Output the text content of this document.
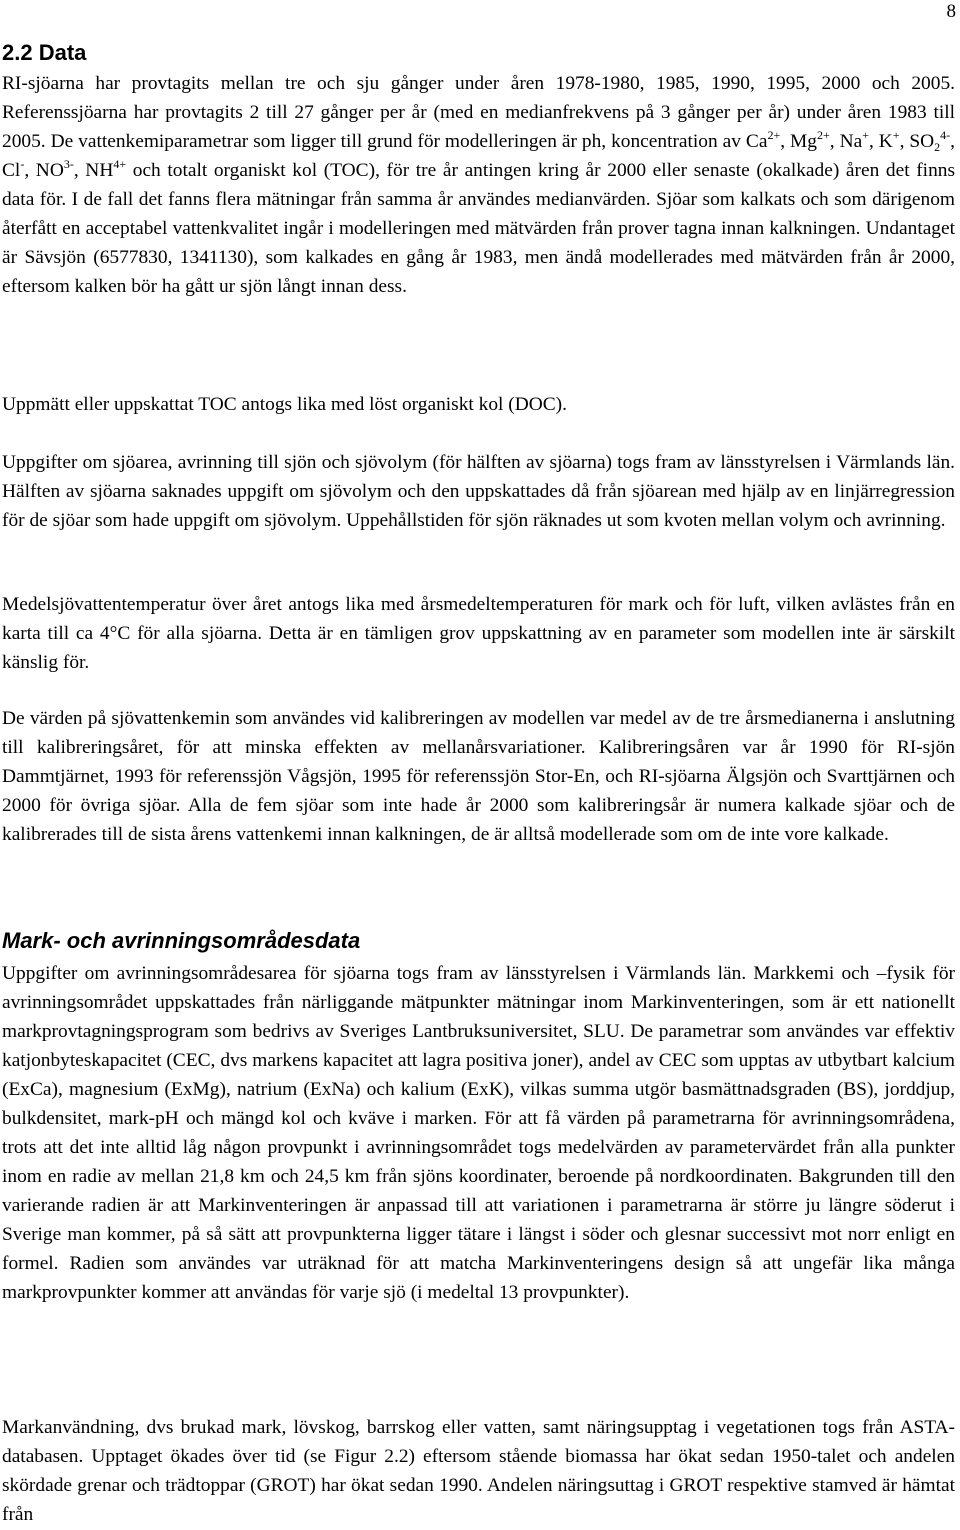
8
2.2 Data

RI-sjöarna har provtagits mellan tre och sju gånger under åren 1978-1980, 1985, 1990, 1995, 2000 och 2005. Referenssjöarna har provtagits 2 till 27 gånger per år (med en medianfrekvens på 3 gånger per år) under åren 1983 till 2005. De vattenkemiparametrar som ligger till grund för modelleringen är ph, koncentration av $Ca^{2+}$, $Mg^{2+}$, Na+, K+, $SO_2^{4-}$, Cl-, $NO^{3-}$, $NH^{4+}$ och totalt organiskt kol (TOC), för tre år antingen kring år 2000 eller senaste (okalkade) åren det finns data för. I de fall det fanns flera mätningar från samma år användes medianvärden. Sjöar som kalkats och som därigenom återfått en acceptabel vattenkvalitet ingår i modelleringen med mätvärden från prover tagna innan kalkningen. Undantaget är Sävsjön (6577830, 1341130), som kalkades en gång år 1983, men ändå modellerades med mätvärden från år 2000, eftersom kalken bör ha gått ur sjön långt innan dess.

Uppmätt eller uppskattat TOC antogs lika med löst organiskt kol (DOC).

Uppgifter om sjöarea, avrinning till sjön och sjövolym (för hälften av sjöarna) togs fram av länsstyrelsen i Värmlands län. Hälften av sjöarna saknades uppgift om sjövolym och den uppskattades då från sjöarean med hjälp av en linjärregression för de sjöar som hade uppgift om sjövolym. Uppehållstiden för sjön räknades ut som kvoten mellan volym och avrinning.

Medelsjövattentemperatur över året antogs lika med årsmedeltemperaturen för mark och för luft, vilken avlästes från en karta till ca 4°C för alla sjöarna. Detta är en tämligen grov uppskattning av en parameter som modellen inte är särskilt känslig för.

De värden på sjövattenkemin som användes vid kalibreringen av modellen var medel av de tre årsmedianerna i anslutning till kalibreringsåret, för att minska effekten av mellanårsvariationer. Kalibreringsåren var år 1990 för RI-sjön Dammtjärnet, 1993 för referenssjön Vågsjön, 1995 för referenssjön Stor-En, och RI-sjöarna Älgsjön och Svarttjärnen och 2000 för övriga sjöar. Alla de fem sjöar som inte hade år 2000 som kalibreringsår är numera kalkade sjöar och de kalibrerades till de sista årens vattenkemi innan kalkningen, de är alltså modellerade som om de inte vore kalkade.

Mark- och avrinningsområdesdata

Uppgifter om avrinningsområdesarea för sjöarna togs fram av länsstyrelsen i Värmlands län. Markkemi och –fysik för avrinningsområdet uppskattades från närliggande mätpunkter mätningar inom Markinventeringen, som är ett nationellt markprovtagningsprogram som bedrivs av Sveriges Lantbruksuniversitet, SLU. De parametrar som användes var effektiv katjonbyteskapacitet (CEC, dvs markens kapacitet att lagra positiva joner), andel av CEC som upptas av utbytbart kalcium (ExCa), magnesium (ExMg), natrium (ExNa) och kalium (ExK), vilkas summa utgör basmättnadsgraden (BS), jorddjup, bulkdensitet, mark-pH och mängd kol och kväve i marken. För att få värden på parametrarna för avrinningsområdena, trots att det inte alltid låg någon provpunkt i avrinningsområdet togs medelvärden av parametervärdet från alla punkter inom en radie av mellan 21,8 km och 24,5 km från sjöns koordinater, beroende på nordkoordinaten. Bakgrunden till den varierande radien är att Markinventeringen är anpassad till att variationen i parametrarna är större ju längre söderut i Sverige man kommer, på så sätt att provpunkterna ligger tätare i längst i söder och glesnar successivt mot norr enligt en formel. Radien som användes var uträknad för att matcha Markinventeringens design så att ungefär lika många markprovpunkter kommer att användas för varje sjö (i medeltal 13 provpunkter).

Markanvändning, dvs brukad mark, lövskog, barrskog eller vatten, samt näringsupptag i vegetationen togs från ASTA-databasen. Upptaget ökades över tid (se Figur 2.2) eftersom stående biomassa har ökat sedan 1950-talet och andelen skördade grenar och trädtoppar (GROT) har ökat sedan 1990. Andelen näringsuttag i GROT respektive stamved är hämtat från
